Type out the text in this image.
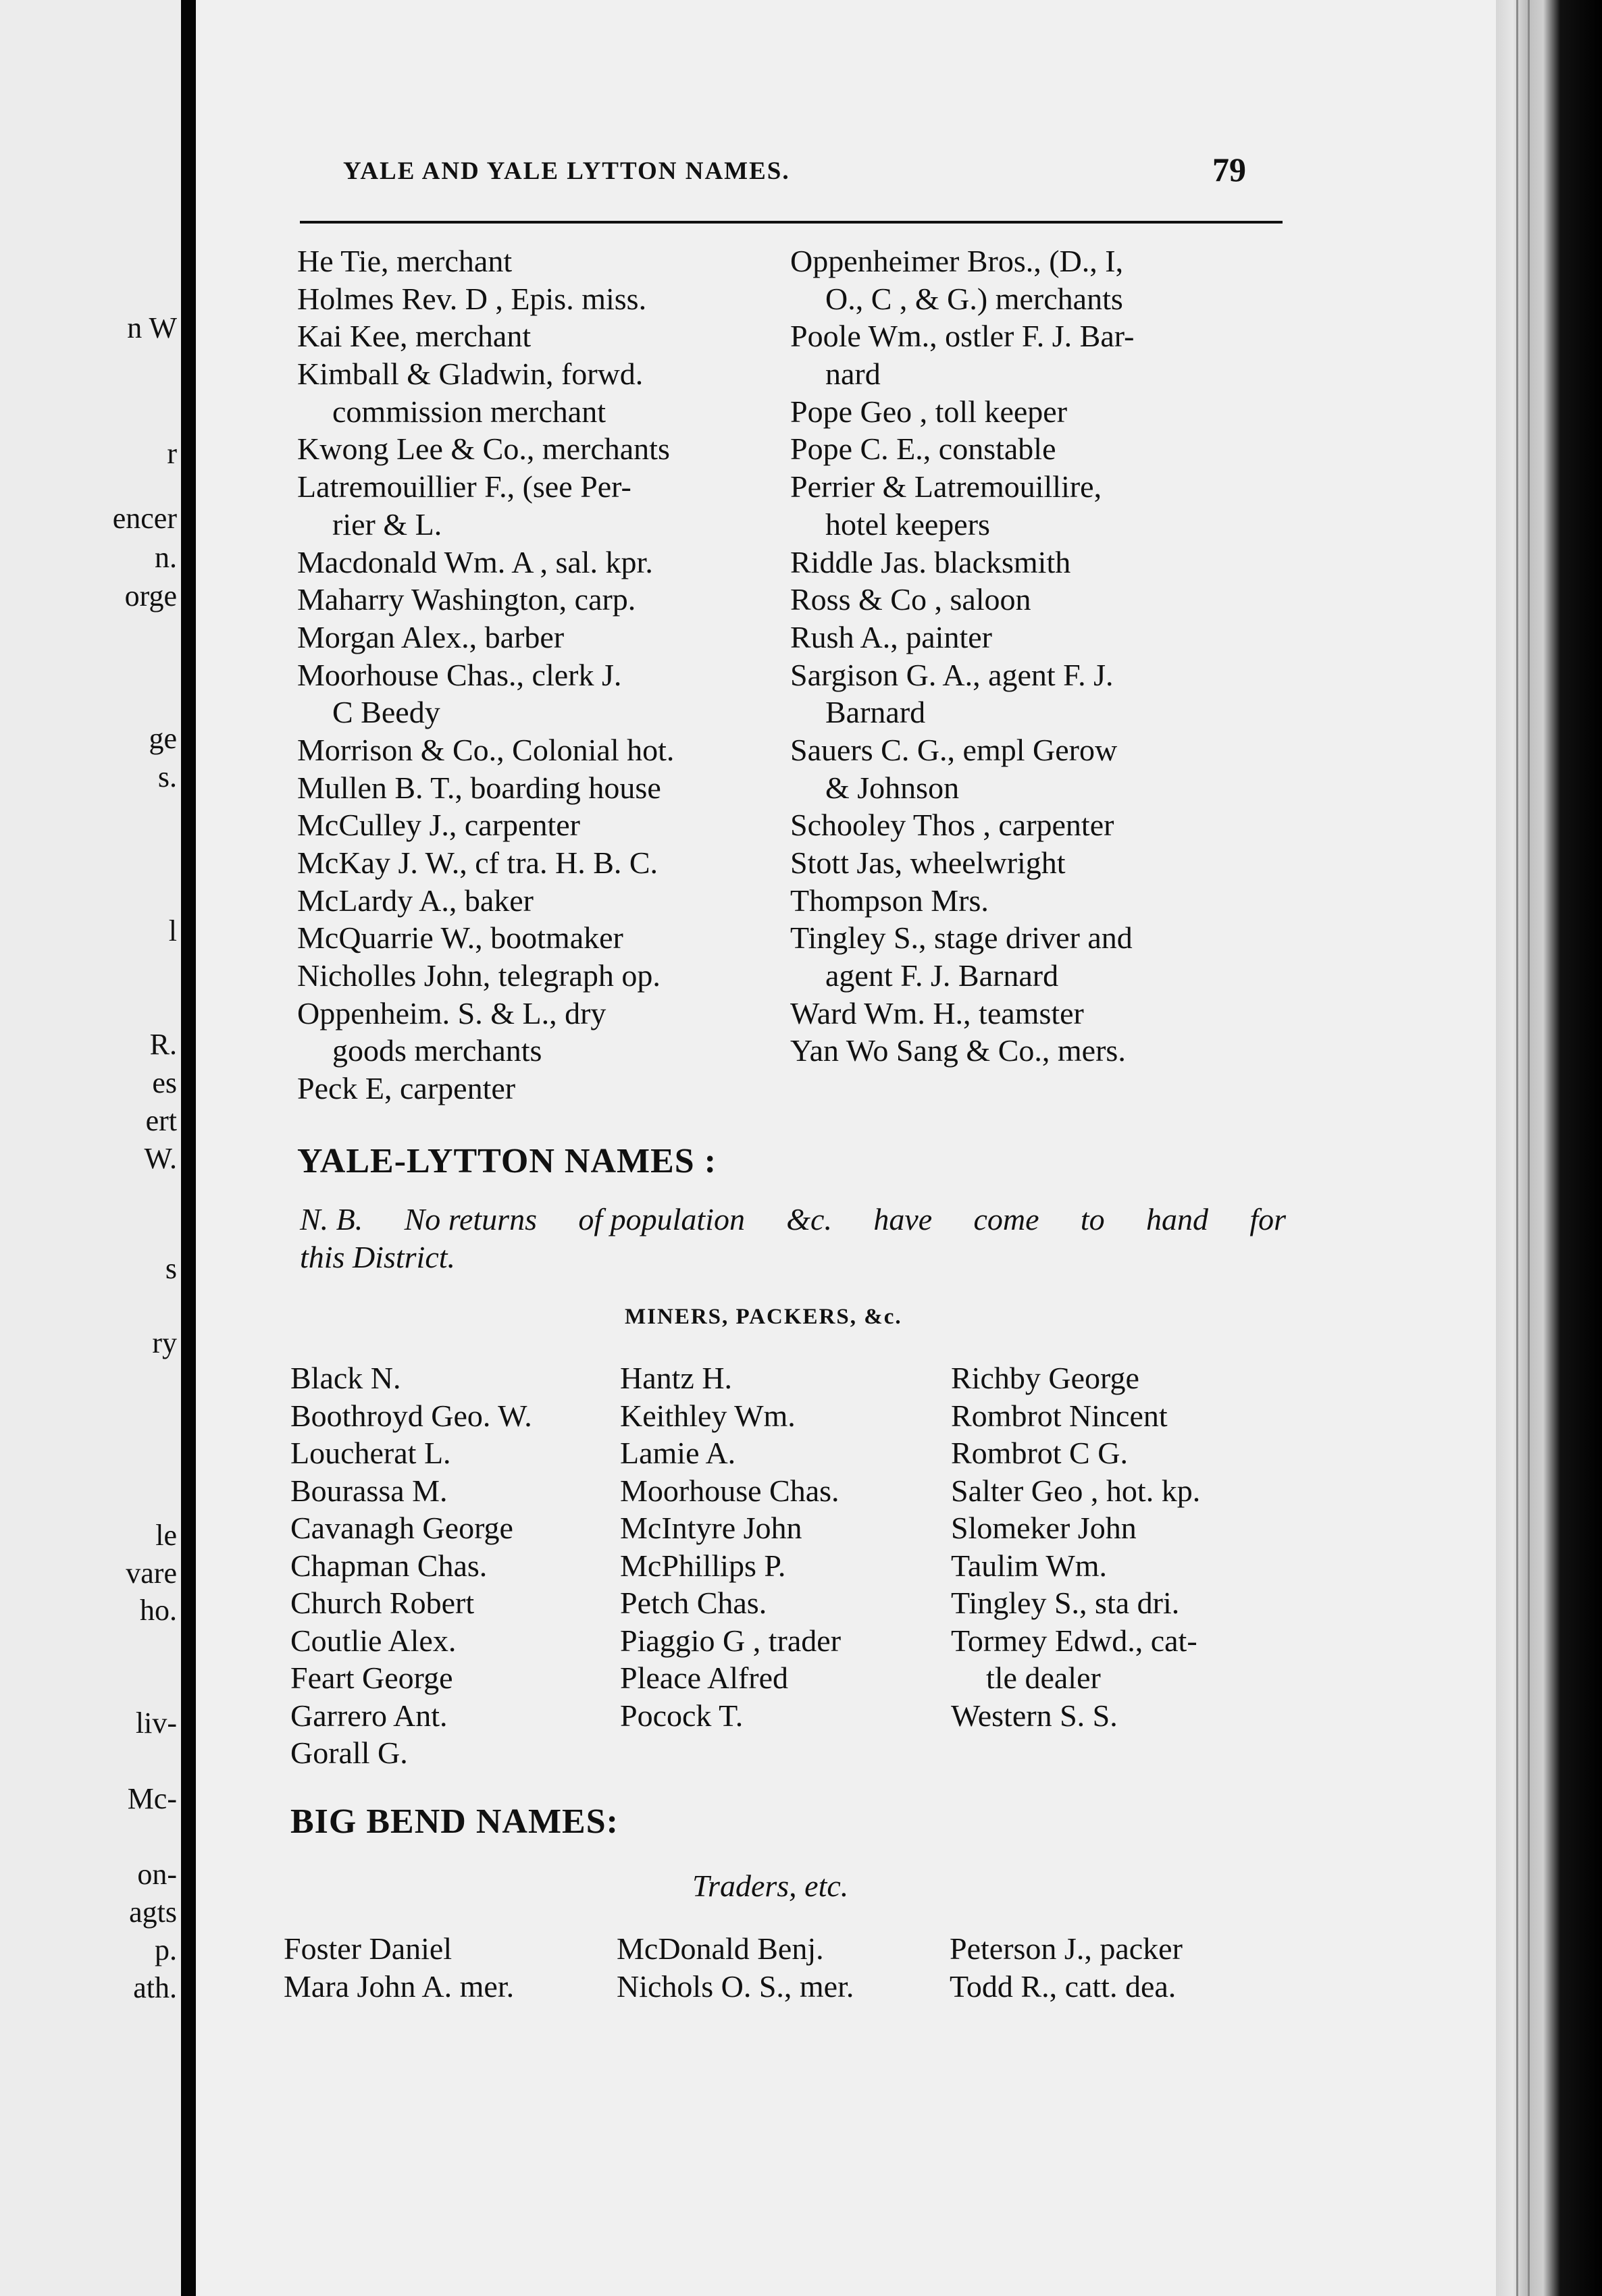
n W
r
encer
n.
orge
ge
s.
l
R.
es
ert
W.
s
ry
le
vare
ho.
liv-
Mc-
on-
agts
p.
ath.
YALE AND YALE LYTTON NAMES.	79
He Tie, merchant
Holmes Rev. D , Epis. miss.
Kai Kee, merchant
Kimball & Gladwin, forwd.
commission merchant
Kwong Lee & Co., merchants
Latremouillier F., (see Per-
rier & L.
Macdonald Wm. A , sal. kpr.
Maharry Washington, carp.
Morgan Alex., barber
Moorhouse Chas., clerk J.
C Beedy
Morrison & Co., Colonial hot.
Mullen B. T., boarding house
McCulley J., carpenter
McKay J. W., cf tra. H. B. C.
McLardy A., baker
McQuarrie W., bootmaker
Nicholles John, telegraph op.
Oppenheim. S. & L., dry
goods merchants
Peck E, carpenter
Oppenheimer Bros., (D., I,
O., C , & G.) merchants
Poole Wm., ostler F. J. Bar-
nard
Pope Geo , toll keeper
Pope C. E., constable
Perrier & Latremouillire,
hotel keepers
Riddle Jas. blacksmith
Ross & Co , saloon
Rush A., painter
Sargison G. A., agent F. J.
Barnard
Sauers C. G., empl Gerow
& Johnson
Schooley Thos , carpenter
Stott Jas, wheelwright
Thompson Mrs.
Tingley S., stage driver and
agent F. J. Barnard
Ward Wm. H., teamster
Yan Wo Sang & Co., mers.
YALE-LYTTON NAMES :
N. B. No returns of population &c. have come to hand for
this District.
MINERS, PACKERS, &c.
Black N.
Boothroyd Geo. W.
Loucherat L.
Bourassa M.
Cavanagh George
Chapman Chas.
Church Robert
Coutlie Alex.
Feart George
Garrero Ant.
Gorall G.
Hantz H.
Keithley Wm.
Lamie A.
Moorhouse Chas.
McIntyre John
McPhillips P.
Petch Chas.
Piaggio G , trader
Pleace Alfred
Pocock T.
Richby George
Rombrot Nincent
Rombrot C G.
Salter Geo , hot. kp.
Slomeker John
Taulim Wm.
Tingley S., sta dri.
Tormey Edwd., cat-
tle dealer
Western S. S.
BIG BEND NAMES:
Traders, etc.
Foster Daniel
Mara John A. mer.
McDonald Benj.
Nichols O. S., mer.
Peterson J., packer
Todd R., catt. dea.
